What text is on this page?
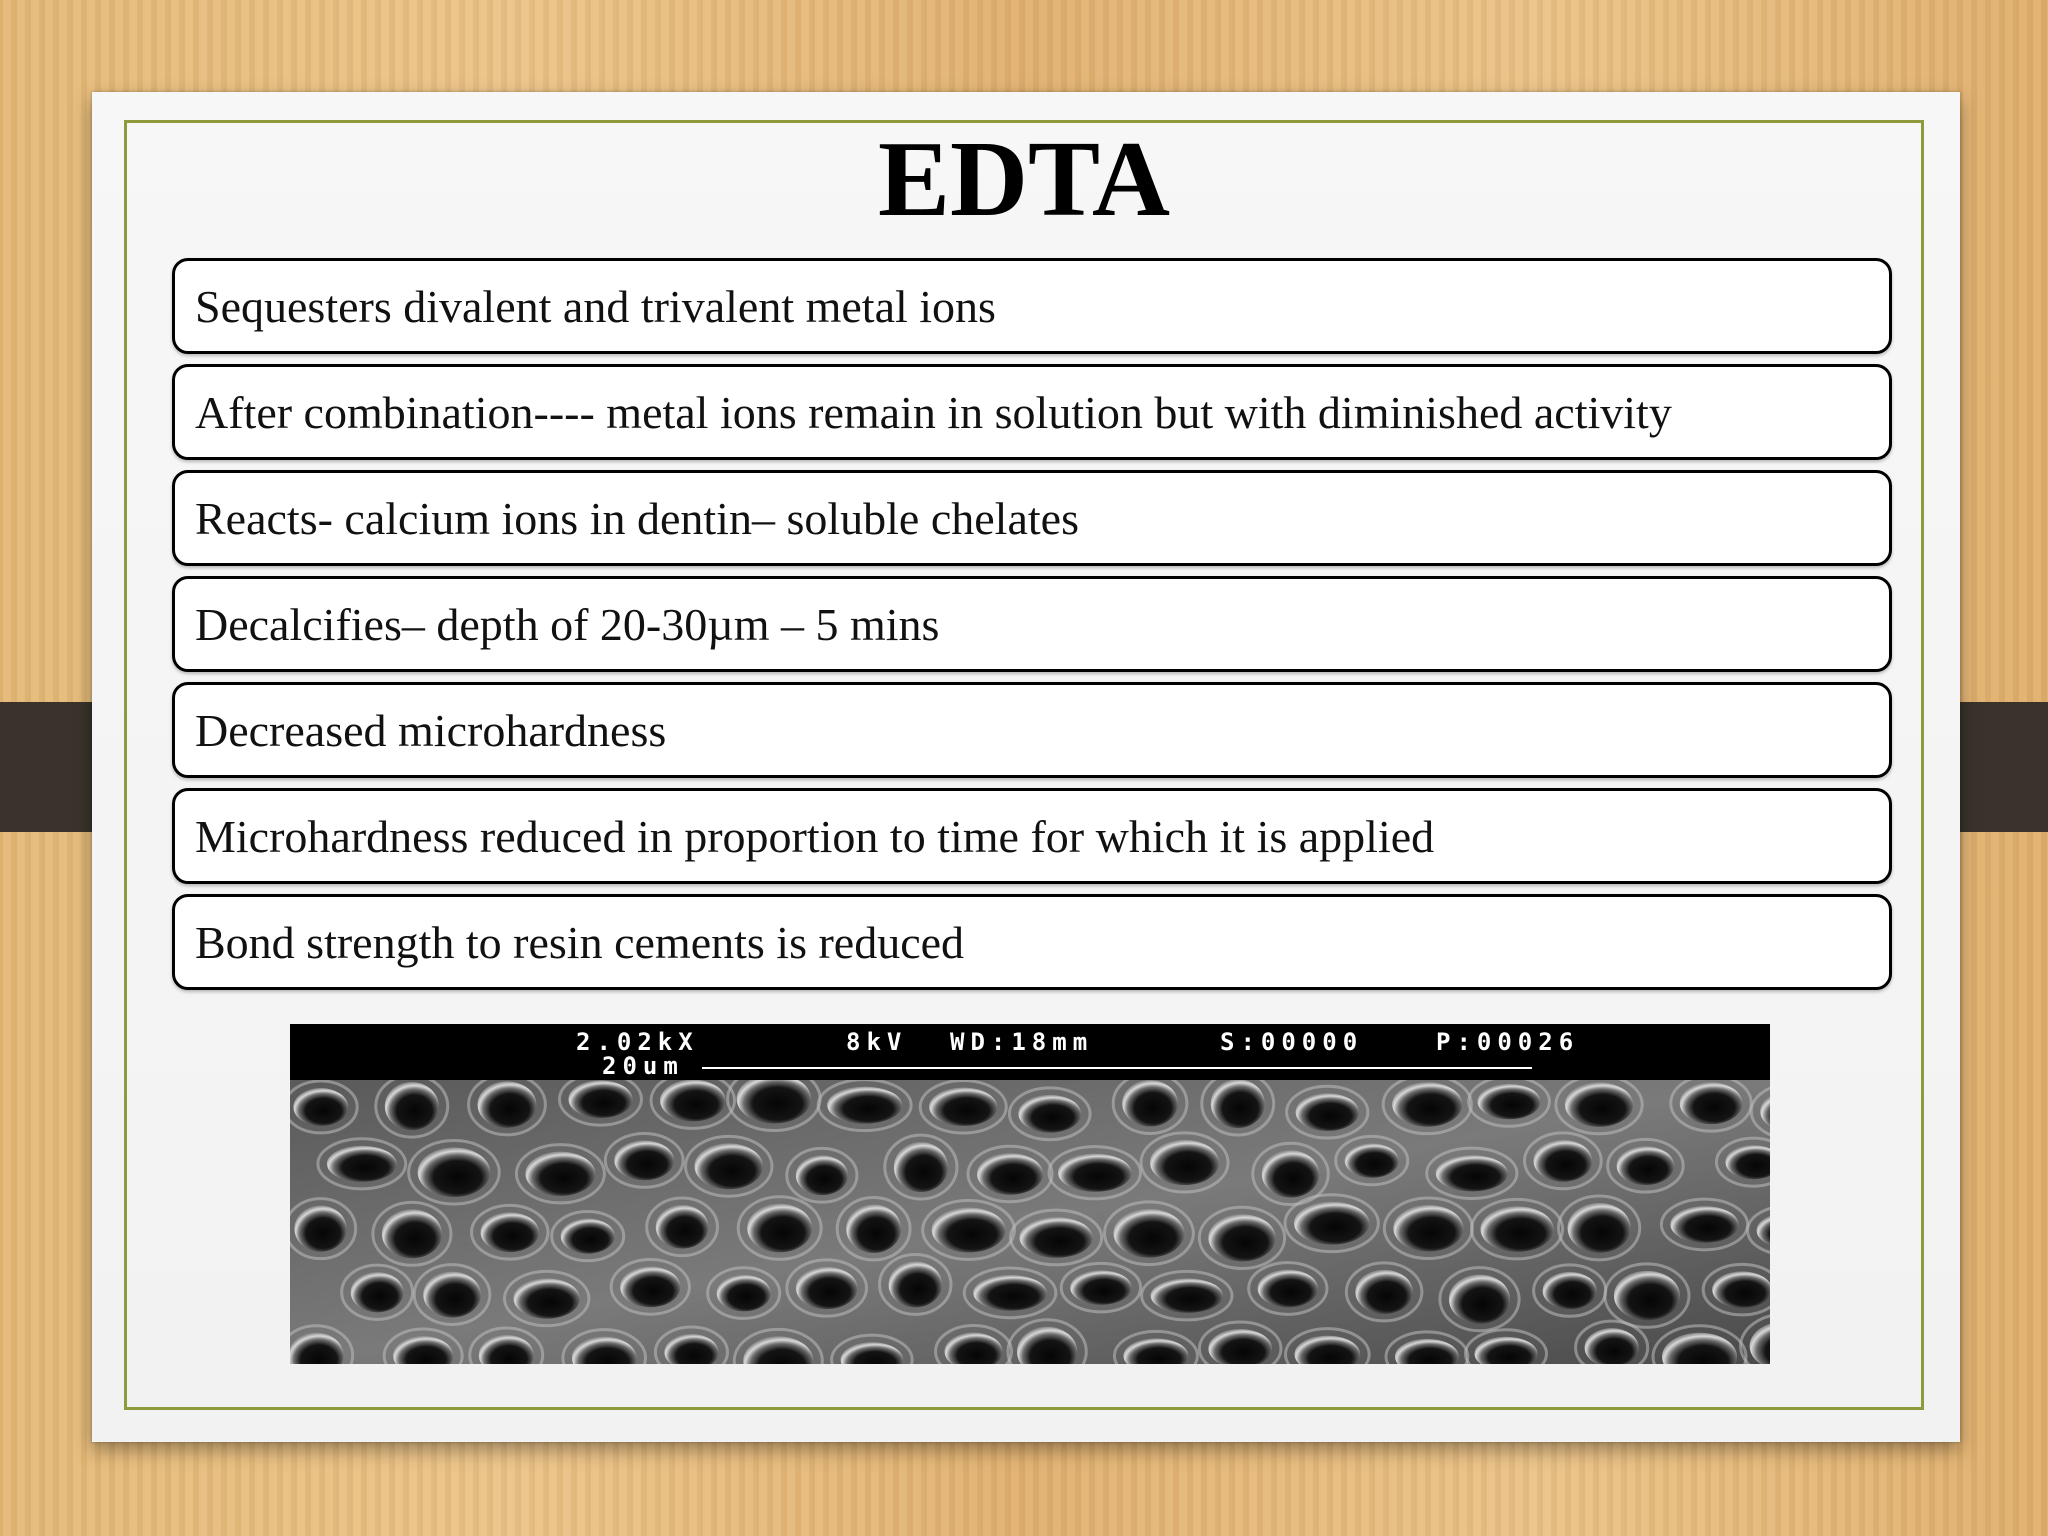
EDTA
Sequesters divalent and trivalent metal ions
After combination---- metal ions remain in solution but with diminished activity
Reacts- calcium ions in dentin– soluble chelates
Decalcifies– depth of 20-30µm – 5 mins
Decreased microhardness
Microhardness reduced in proportion to time for which it is applied
Bond strength to resin cements is reduced
2.02kX
20um
8kV WD:18mm	S:00000	P:00026
